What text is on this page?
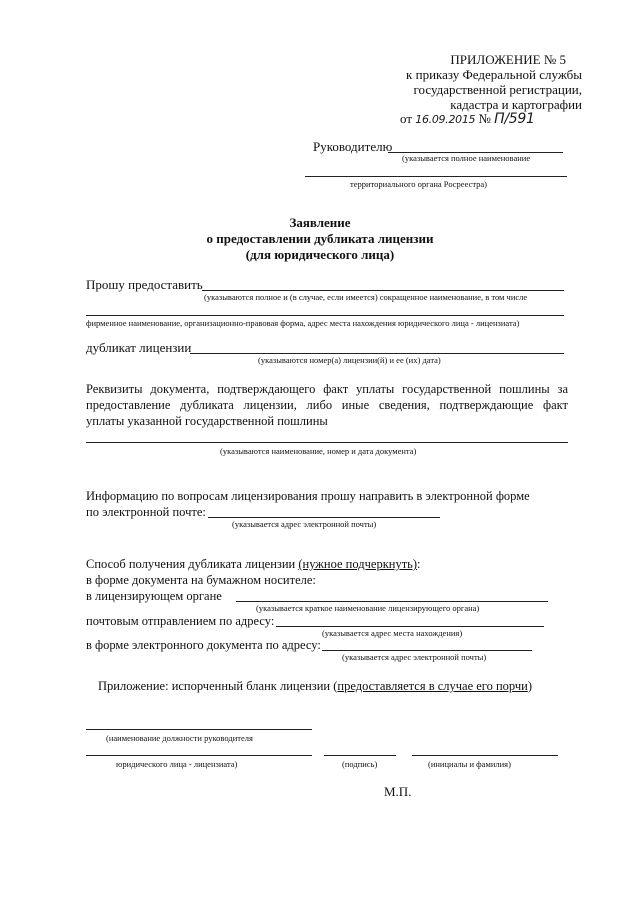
ПРИЛОЖЕНИЕ № 5
к приказу Федеральной службы
государственной регистрации,
кадастра и картографии
от 16.09.2015 № П/591
Руководителю
(указывается полное наименование
территориального органа Росреестра)
Заявление
о предоставлении дубликата лицензии
(для юридического лица)
Прошу предоставить
(указываются полное и (в случае, если имеется) сокращенное наименование, в том числе
фирменное наименование, организационно-правовая форма, адрес места нахождения юридического лица - лицензиата)
дубликат лицензии
(указываются номер(а) лицензии(й) и ее (их) дата)
Реквизиты документа, подтверждающего факт уплаты государственной пошлины за
предоставление дубликата лицензии, либо иные сведения, подтверждающие факт
уплаты указанной государственной пошлины
(указываются наименование, номер и дата документа)
Информацию по вопросам лицензирования прошу направить в электронной форме
по электронной почте:
(указывается адрес электронной почты)
Способ получения дубликата лицензии (нужное подчеркнуть):
в форме документа на бумажном носителе:
в лицензирующем органе
(указывается краткое наименование лицензирующего органа)
почтовым отправлением по адресу:
(указывается адрес места нахождения)
в форме электронного документа по адресу:
(указывается адрес электронной почты)
Приложение: испорченный бланк лицензии (предоставляется в случае его порчи)
(наименование должности руководителя
юридического лица - лицензиата)	(подпись)	(инициалы и фамилия)
М.П.
